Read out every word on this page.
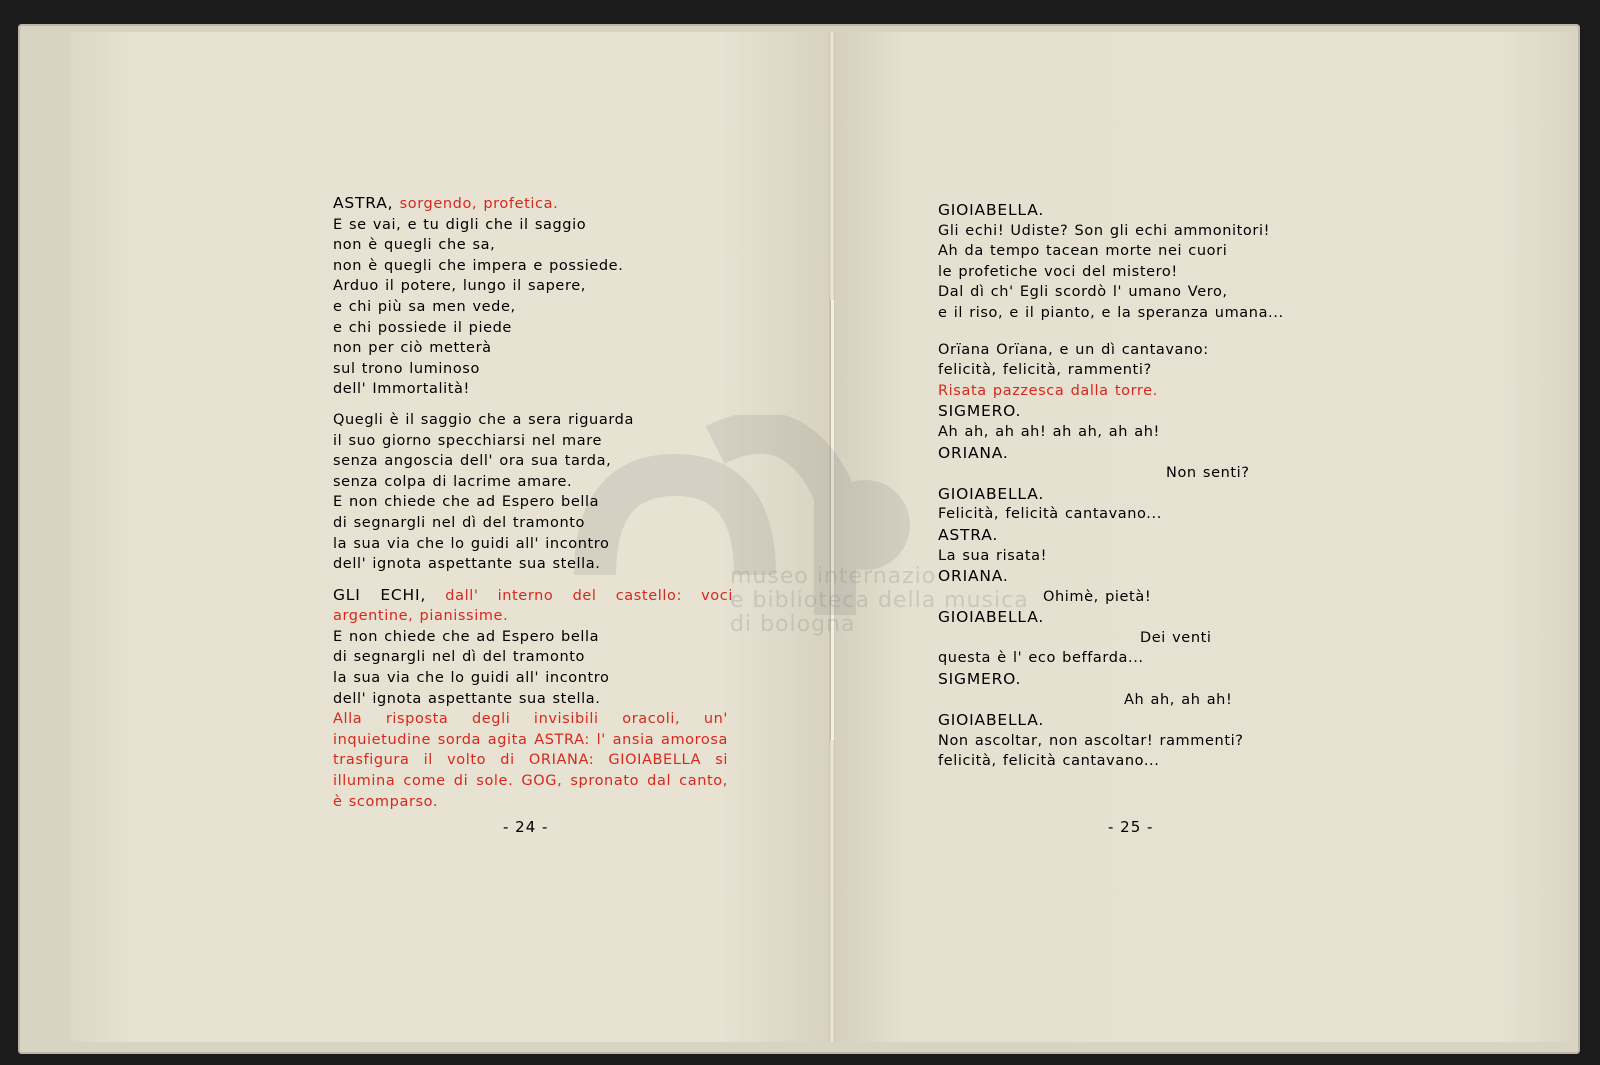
museo internazio
e biblioteca della musica
di bologna
ASTRA, sorgendo, profetica.
E se vai, e tu digli che il saggio
non è quegli che sa,
non è quegli che impera e possiede.
Arduo il potere, lungo il sapere,
e chi più sa men vede,
e chi possiede il piede
non per ciò metterà
sul trono luminoso
dell' Immortalità!
Quegli è il saggio che a sera riguarda
il suo giorno specchiarsi nel mare
senza angoscia dell' ora sua tarda,
senza colpa di lacrime amare.
E non chiede che ad Espero bella
di segnargli nel dì del tramonto
la sua via che lo guidi all' incontro
dell' ignota aspettante sua stella.
GLI ECHI, dall' interno del castello: voci argentine, pianissime.
E non chiede che ad Espero bella
di segnargli nel dì del tramonto
la sua via che lo guidi all' incontro
dell' ignota aspettante sua stella.
Alla risposta degli invisibili oracoli, un' inquietudine sorda agita ASTRA: l' ansia amorosa trasfigura il volto di ORIANA: GIOIABELLA si illumina come di sole. GOG, spronato dal canto, è scomparso.
- 24 -
GIOIABELLA.
Gli echi! Udiste? Son gli echi ammonitori!
Ah da tempo tacean morte nei cuori
le profetiche voci del mistero!
Dal dì ch' Egli scordò l' umano Vero,
e il riso, e il pianto, e la speranza umana...
Orïana Orïana, e un dì cantavano:
felicità, felicità, rammenti?
Risata pazzesca dalla torre.
SIGMERO.
Ah ah, ah ah! ah ah, ah ah!
ORIANA.
Non senti?
GIOIABELLA.
Felicità, felicità cantavano...
ASTRA.
La sua risata!
ORIANA.
Ohimè, pietà!
GIOIABELLA.
Dei venti
questa è l' eco beffarda...
SIGMERO.
Ah ah, ah ah!
GIOIABELLA.
Non ascoltar, non ascoltar! rammenti?
felicità, felicità cantavano...
- 25 -
